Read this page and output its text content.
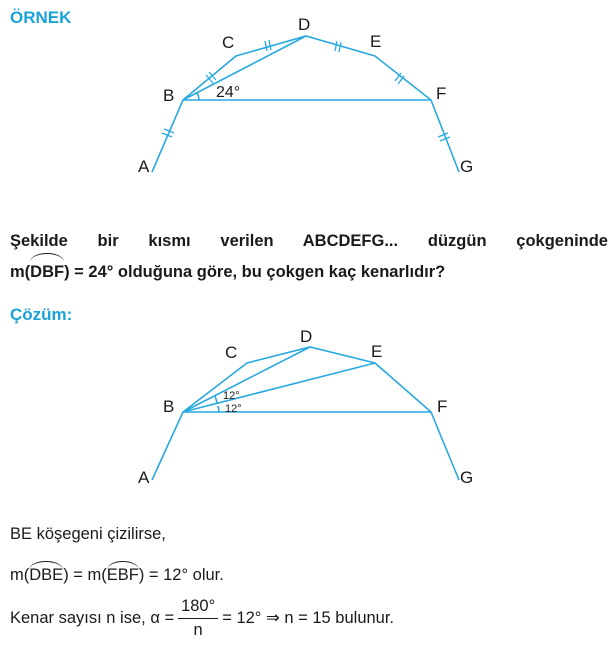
ÖRNEK
A
B
C
D
E
F
G
24°
Şekilde bir kısmı verilen ABCDEFG... düzgün çokgeninde
m(DBF) = 24° olduğuna göre, bu çokgen kaç kenarlıdır?
Çözüm:
A
B
C
D
E
F
G
12°
12°
BE köşegeni çizilirse,
m(DBE) = m(EBF) = 12° olur.
Kenar sayısı n ise, $\alpha = \frac{180^\circ}{n} = 12^\circ$ ⇒ n = 15 bulunur.
